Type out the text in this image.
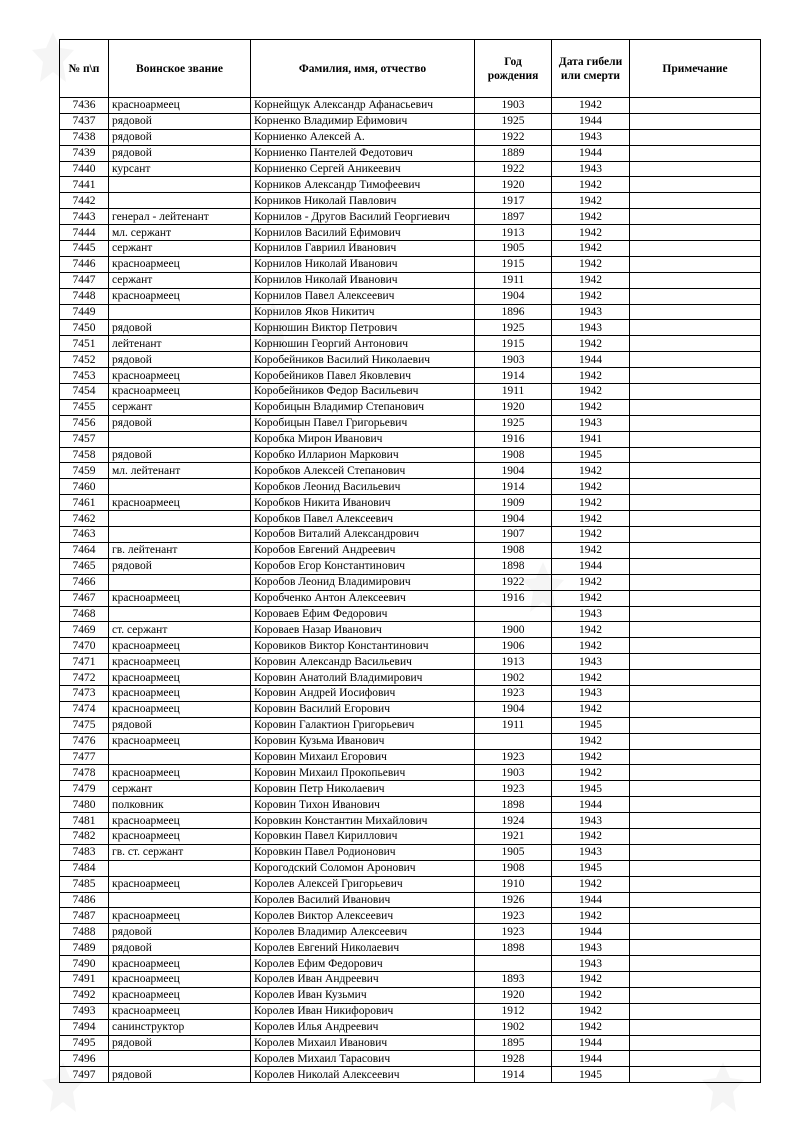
№ п\п	Воинское звание	Фамилия, имя, отчество	Год рождения	Дата гибели или смерти	Примечание
7436	красноармеец	Корнейщук Александр Афанасьевич	1903	1942	
7437	рядовой	Корненко Владимир Ефимович	1925	1944	
7438	рядовой	Корниенко Алексей А.	1922	1943	
7439	рядовой	Корниенко Пантелей Федотович	1889	1944	
7440	курсант	Корниенко Сергей Аникеевич	1922	1943	
7441		Корников Александр Тимофеевич	1920	1942	
7442		Корников Николай Павлович	1917	1942	
7443	генерал - лейтенант	Корнилов - Другов Василий Георгиевич	1897	1942	
7444	мл. сержант	Корнилов Василий Ефимович	1913	1942	
7445	сержант	Корнилов Гавриил Иванович	1905	1942	
7446	красноармеец	Корнилов Николай Иванович	1915	1942	
7447	сержант	Корнилов Николай Иванович	1911	1942	
7448	красноармеец	Корнилов Павел Алексеевич	1904	1942	
7449		Корнилов Яков Никитич	1896	1943	
7450	рядовой	Корнюшин Виктор Петрович	1925	1943	
7451	лейтенант	Корнюшин Георгий Антонович	1915	1942	
7452	рядовой	Коробейников Василий Николаевич	1903	1944	
7453	красноармеец	Коробейников Павел Яковлевич	1914	1942	
7454	красноармеец	Коробейников Федор Васильевич	1911	1942	
7455	сержант	Коробицын Владимир Степанович	1920	1942	
7456	рядовой	Коробицын Павел Григорьевич	1925	1943	
7457		Коробка Мирон Иванович	1916	1941	
7458	рядовой	Коробко Илларион Маркович	1908	1945	
7459	мл. лейтенант	Коробков Алексей Степанович	1904	1942	
7460		Коробков Леонид Васильевич	1914	1942	
7461	красноармеец	Коробков Никита Иванович	1909	1942	
7462		Коробков Павел Алексеевич	1904	1942	
7463		Коробов Виталий Александрович	1907	1942	
7464	гв. лейтенант	Коробов Евгений Андреевич	1908	1942	
7465	рядовой	Коробов Егор Константинович	1898	1944	
7466		Коробов Леонид Владимирович	1922	1942	
7467	красноармеец	Коробченко Антон Алексеевич	1916	1942	
7468		Короваев Ефим Федорович		1943	
7469	ст. сержант	Короваев Назар Иванович	1900	1942	
7470	красноармеец	Коровиков Виктор Константинович	1906	1942	
7471	красноармеец	Коровин Александр Васильевич	1913	1943	
7472	красноармеец	Коровин Анатолий Владимирович	1902	1942	
7473	красноармеец	Коровин Андрей Иосифович	1923	1943	
7474	красноармеец	Коровин Василий Егорович	1904	1942	
7475	рядовой	Коровин Галактион Григорьевич	1911	1945	
7476	красноармеец	Коровин Кузьма Иванович		1942	
7477		Коровин Михаил Егорович	1923	1942	
7478	красноармеец	Коровин Михаил Прокопьевич	1903	1942	
7479	сержант	Коровин Петр Николаевич	1923	1945	
7480	полковник	Коровин Тихон Иванович	1898	1944	
7481	красноармеец	Коровкин Константин Михайлович	1924	1943	
7482	красноармеец	Коровкин Павел Кириллович	1921	1942	
7483	гв. ст. сержант	Коровкин Павел Родионович	1905	1943	
7484		Корогодский Соломон Аронович	1908	1945	
7485	красноармеец	Королев Алексей Григорьевич	1910	1942	
7486		Королев Василий Иванович	1926	1944	
7487	красноармеец	Королев Виктор Алексеевич	1923	1942	
7488	рядовой	Королев Владимир Алексеевич	1923	1944	
7489	рядовой	Королев Евгений Николаевич	1898	1943	
7490	красноармеец	Королев Ефим Федорович		1943	
7491	красноармеец	Королев Иван Андреевич	1893	1942	
7492	красноармеец	Королев Иван Кузьмич	1920	1942	
7493	красноармеец	Королев Иван Никифорович	1912	1942	
7494	санинструктор	Королев Илья Андреевич	1902	1942	
7495	рядовой	Королев Михаил Иванович	1895	1944	
7496		Королев Михаил Тарасович	1928	1944	
7497	рядовой	Королев Николай Алексеевич	1914	1945	
